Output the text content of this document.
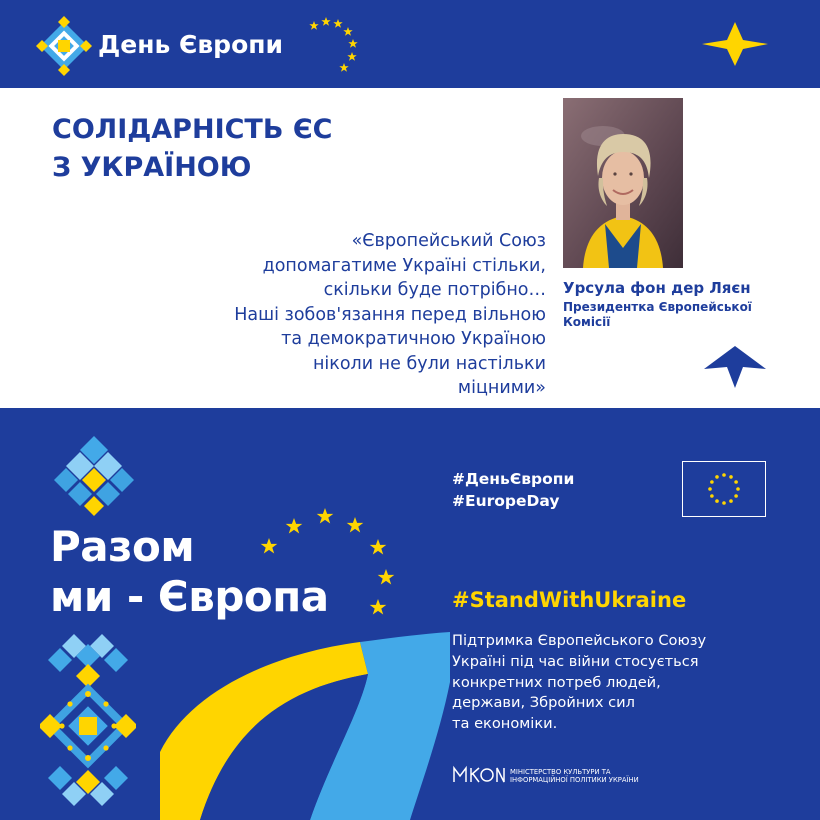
День Європи
СОЛІДАРНІСТЬ ЄС
З УКРАЇНОЮ
«Європейський Союз
допомагатиме Україні стільки,
скільки буде потрібно…
Наші зобов'язання перед вільною
та демократичною Україною
ніколи не були настільки
міцними»
Урсула фон дер Ляєн
Президентка Європейської
Комісії
Разом
ми - Європа
#ДеньЄвропи
#EuropeDay
#StandWithUkraine
Підтримка Європейського Союзу
Україні під час війни стосується
конкретних потреб людей,
держави, Збройних сил
та економіки.
МІНІСТЕРСТВО КУЛЬТУРИ ТА
ІНФОРМАЦІЙНОЇ ПОЛІТИКИ УКРАЇНИ
